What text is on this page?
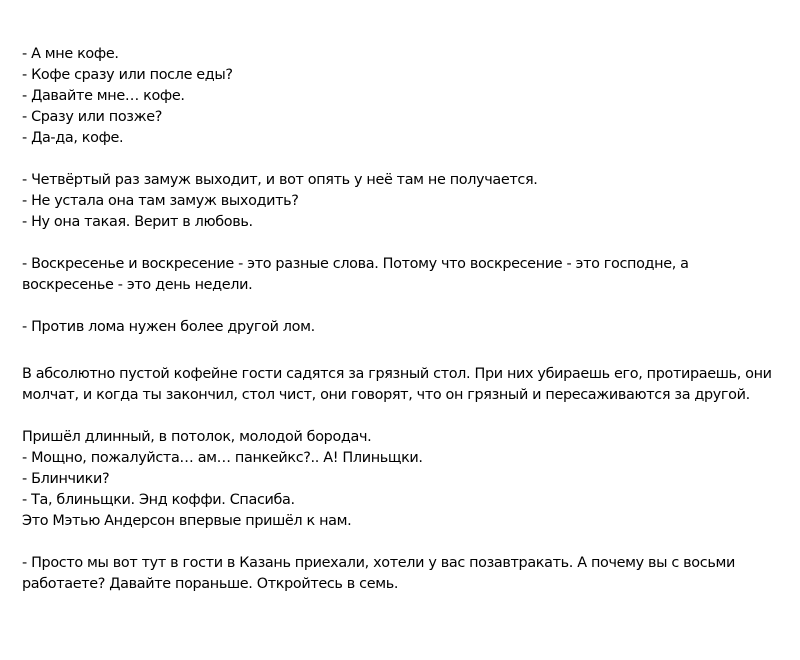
- А мне кофе.
- Кофе сразу или после еды?
- Давайте мне… кофе.
- Сразу или позже?
- Да-да, кофе.
- Четвёртый раз замуж выходит, и вот опять у неё там не получается.
- Не устала она там замуж выходить?
- Ну она такая. Верит в любовь.
- Воскресенье и воскресение - это разные слова. Потому что воскресение - это господне, а
воскресенье - это день недели.
- Против лома нужен более другой лом.
В абсолютно пустой кофейне гости садятся за грязный стол. При них убираешь его, протираешь, они
молчат, и когда ты закончил, стол чист, они говорят, что он грязный и пересаживаются за другой.
Пришёл длинный, в потолок, молодой бородач.
- Мощно, пожалуйста… ам… панкейкс?.. А! Плиньщки.
- Блинчики?
- Та, блиньщки. Энд коффи. Спасиба.
Это Мэтью Андерсон впервые пришёл к нам.
- Просто мы вот тут в гости в Казань приехали, хотели у вас позавтракать. А почему вы с восьми
работаете? Давайте пораньше. Откройтесь в семь.
